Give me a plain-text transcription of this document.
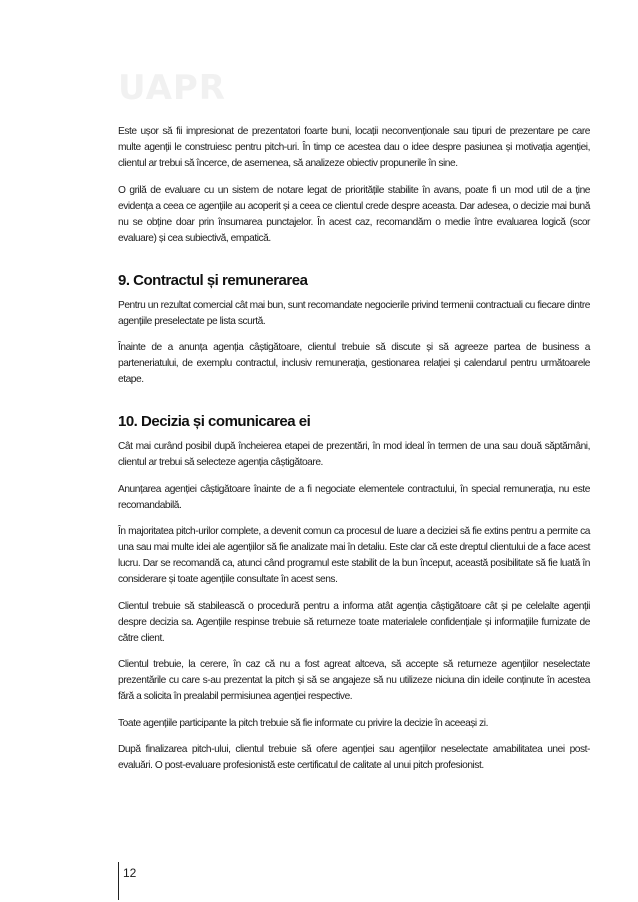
UAPR

Este ușor să fii impresionat de prezentatori foarte buni, locații neconvenționale sau tipuri de prezentare pe care multe agenții le construiesc pentru pitch-uri. În timp ce acestea dau o idee despre pasiunea și motivația agenției, clientul ar trebui să încerce, de asemenea, să analizeze obiectiv propunerile în sine.

O grilă de evaluare cu un sistem de notare legat de prioritățile stabilite în avans, poate fi un mod util de a ține evidența a ceea ce agențiile au acoperit și a ceea ce clientul crede despre aceasta. Dar adesea, o decizie mai bună nu se obține doar prin însumarea punctajelor. În acest caz, recomandăm o medie între evaluarea logică (scor evaluare) și cea subiectivă, empatică.

9. Contractul și remunerarea

Pentru un rezultat comercial cât mai bun, sunt recomandate negocierile privind termenii contractuali cu fiecare dintre agențiile preselectate pe lista scurtă.

Înainte de a anunța agenția câștigătoare, clientul trebuie să discute și să agreeze partea de business a parteneriatului, de exemplu contractul, inclusiv remunerația, gestionarea relației și calendarul pentru următoarele etape.

10. Decizia și comunicarea ei

Cât mai curând posibil după încheierea etapei de prezentări, în mod ideal în termen de una sau două săptămâni, clientul ar trebui să selecteze agenția câștigătoare.

Anunțarea agenției câștigătoare înainte de a fi negociate elementele contractului, în special remunerația, nu este recomandabilă.

În majoritatea pitch-urilor complete, a devenit comun ca procesul de luare a deciziei să fie extins pentru a permite ca una sau mai multe idei ale agențiilor să fie analizate mai în detaliu. Este clar că este dreptul clientului de a face acest lucru. Dar se recomandă ca, atunci când programul este stabilit de la bun început, această posibilitate să fie luată în considerare și toate agențiile consultate în acest sens.

Clientul trebuie să stabilească o procedură pentru a informa atât agenția câștigătoare cât și pe celelalte agenții despre decizia sa. Agențiile respinse trebuie să returneze toate materialele confidențiale și informațiile furnizate de către client.

Clientul trebuie, la cerere, în caz că nu a fost agreat altceva, să accepte să returneze agențiilor neselectate prezentările cu care s-au prezentat la pitch și să se angajeze să nu utilizeze niciuna din ideile conținute în acestea fără a solicita în prealabil permisiunea agenției respective.

Toate agențiile participante la pitch trebuie să fie informate cu privire la decizie în aceeași zi.

După finalizarea pitch-ului, clientul trebuie să ofere agenției sau agențiilor neselectate amabilitatea unei post-evaluări. O post-evaluare profesionistă este certificatul de calitate al unui pitch profesionist.

12
